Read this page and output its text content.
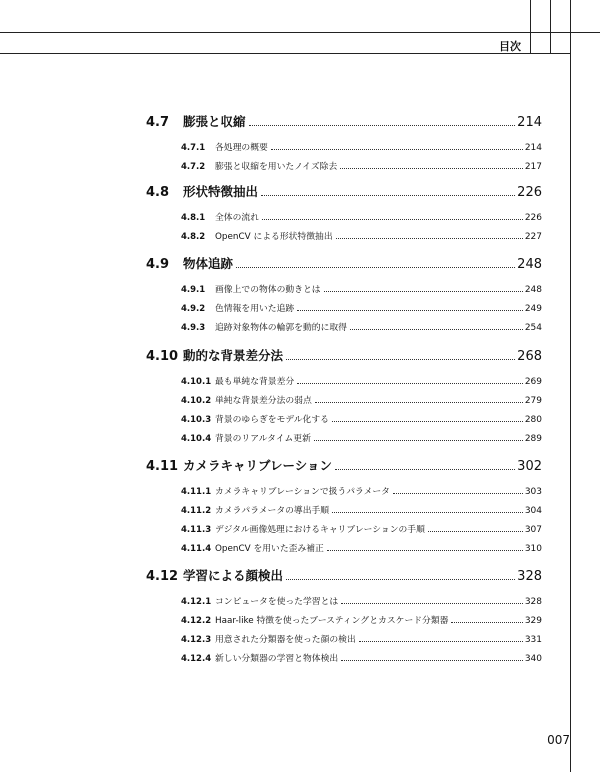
目次
4.7	膨張と収縮	214
4.7.1	各処理の概要	214
4.7.2	膨張と収縮を用いたノイズ除去	217
4.8	形状特徴抽出	226
4.8.1	全体の流れ	226
4.8.2	OpenCV による形状特徴抽出	227
4.9	物体追跡	248
4.9.1	画像上での物体の動きとは	248
4.9.2	色情報を用いた追跡	249
4.9.3	追跡対象物体の輪郭を動的に取得	254
4.10 動的な背景差分法	268
4.10.1 最も単純な背景差分	269
4.10.2 単純な背景差分法の弱点	279
4.10.3 背景のゆらぎをモデル化する	280
4.10.4 背景のリアルタイム更新	289
4.11 カメラキャリブレーション	302
4.11.1 カメラキャリブレーションで扱うパラメータ	303
4.11.2 カメラパラメータの導出手順	304
4.11.3 デジタル画像処理におけるキャリブレーションの手順	307
4.11.4 OpenCV を用いた歪み補正	310
4.12 学習による顔検出	328
4.12.1 コンピュータを使った学習とは	328
4.12.2 Haar-like 特徴を使ったブースティングとカスケード分類器	329
4.12.3 用意された分類器を使った顔の検出	331
4.12.4 新しい分類器の学習と物体検出	340
007
